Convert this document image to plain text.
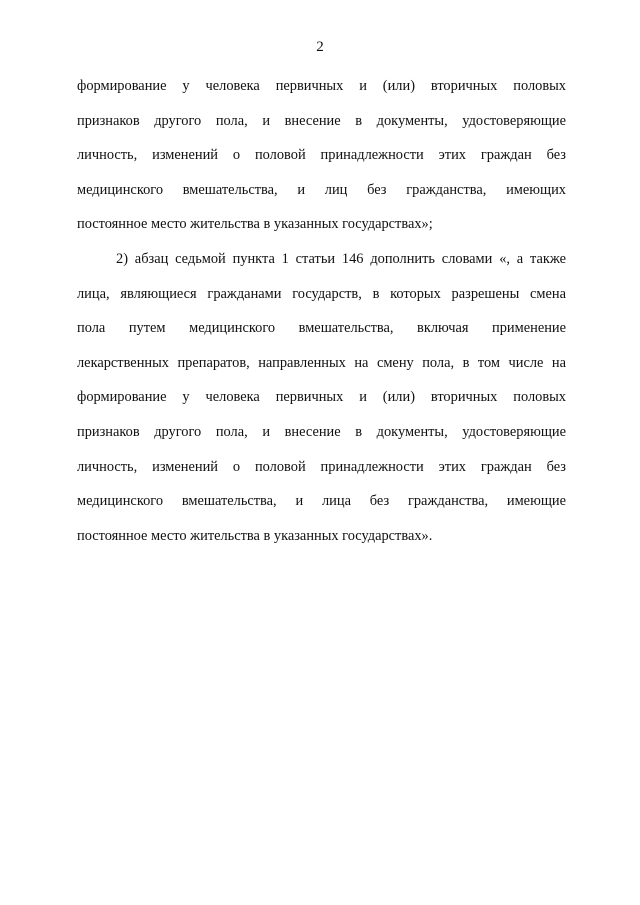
2
формирование у человека первичных и (или) вторичных половых
признаков другого пола, и внесение в документы, удостоверяющие
личность, изменений о половой принадлежности этих граждан без
медицинского вмешательства, и лиц без гражданства, имеющих
постоянное место жительства в указанных государствах»;
2) абзац седьмой пункта 1 статьи 146 дополнить словами «, а также
лица, являющиеся гражданами государств, в которых разрешены смена
пола путем медицинского вмешательства, включая применение
лекарственных препаратов, направленных на смену пола, в том числе на
формирование у человека первичных и (или) вторичных половых
признаков другого пола, и внесение в документы, удостоверяющие
личность, изменений о половой принадлежности этих граждан без
медицинского вмешательства, и лица без гражданства, имеющие
постоянное место жительства в указанных государствах».
